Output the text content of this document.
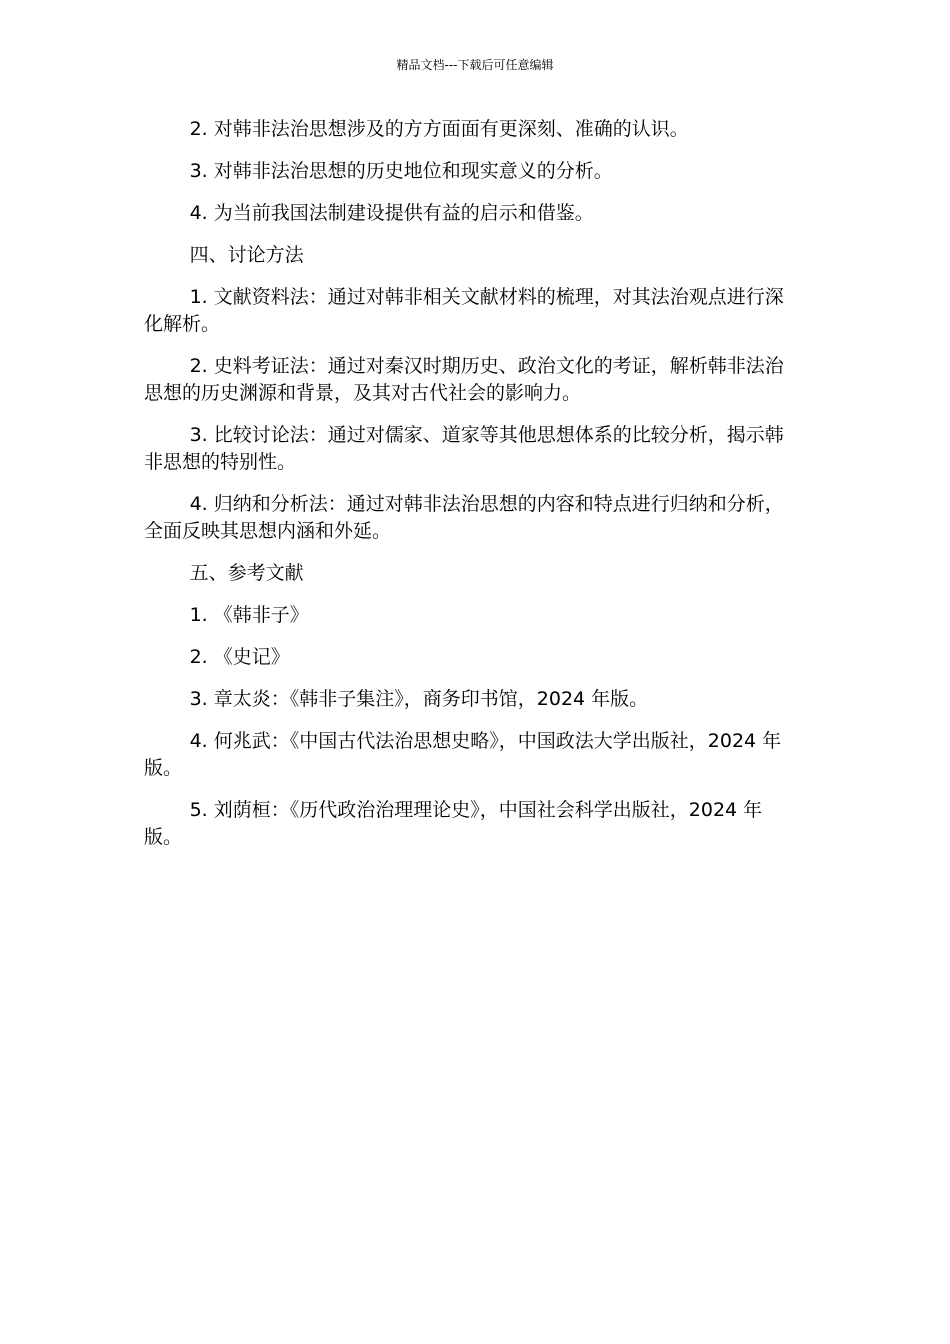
精品文档---下载后可任意编辑

2. 对韩非法治思想涉及的方方面面有更深刻、准确的认识。

3. 对韩非法治思想的历史地位和现实意义的分析。

4. 为当前我国法制建设提供有益的启示和借鉴。

四、讨论方法

1. 文献资料法：通过对韩非相关文献材料的梳理，对其法治观点进行深化解析。

2. 史料考证法：通过对秦汉时期历史、政治文化的考证，解析韩非法治思想的历史渊源和背景，及其对古代社会的影响力。

3. 比较讨论法：通过对儒家、道家等其他思想体系的比较分析，揭示韩非思想的特别性。

4. 归纳和分析法：通过对韩非法治思想的内容和特点进行归纳和分析，全面反映其思想内涵和外延。

五、参考文献

1. 《韩非子》

2. 《史记》

3. 章太炎：《韩非子集注》，商务印书馆，2024 年版。

4. 何兆武：《中国古代法治思想史略》，中国政法大学出版社，2024 年版。

5. 刘荫桓：《历代政治治理理论史》，中国社会科学出版社，2024 年版。
